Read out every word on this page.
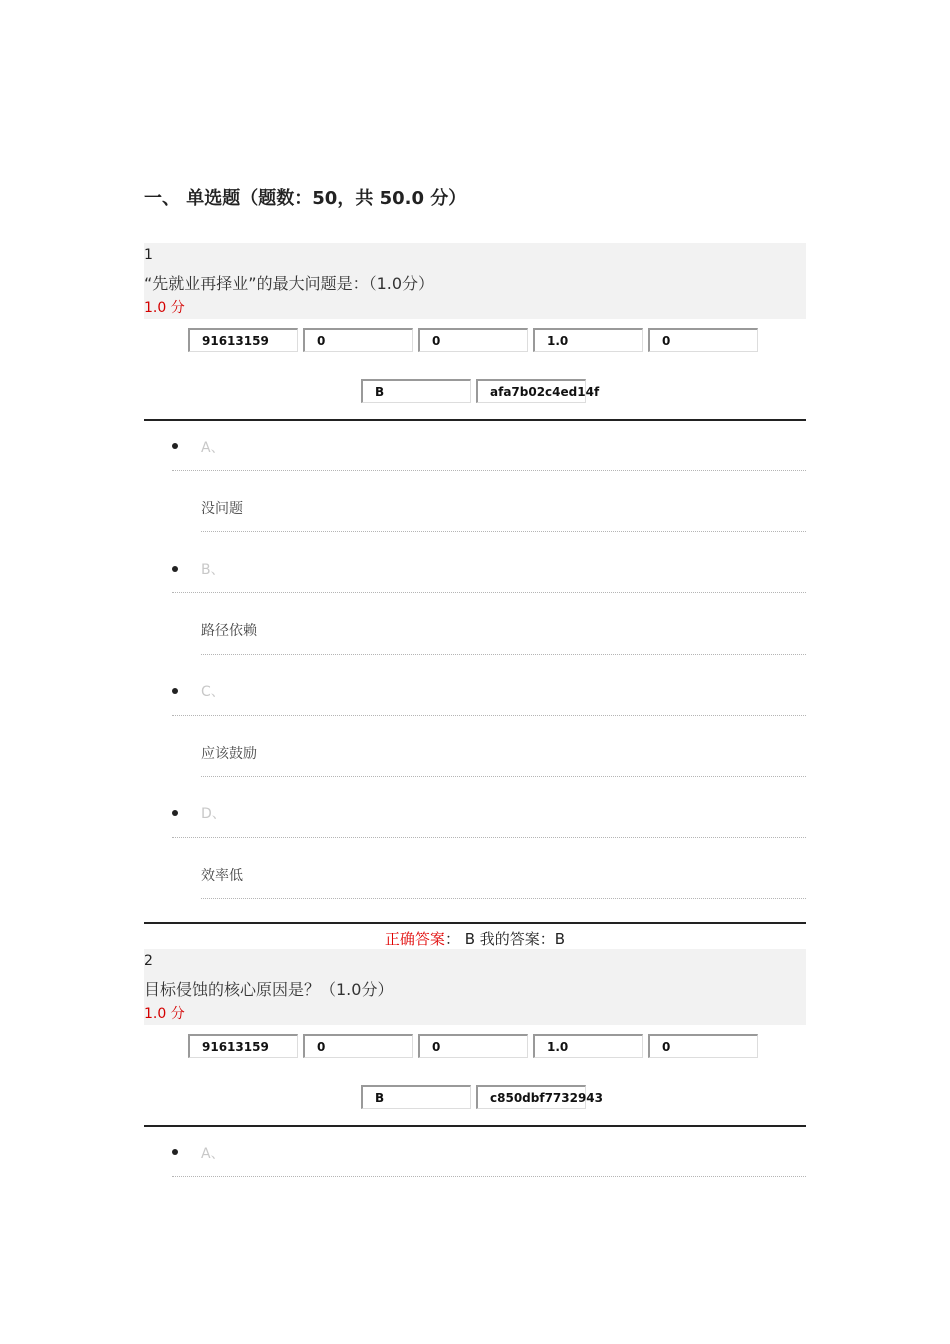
一、 单选题（题数：50，共 50.0 分）
1
“先就业再择业”的最大问题是：（1.0分）
1.0 分
91613159	0	0	1.0	0
B	afa7b02c4ed14f
A、
没问题
B、
路径依赖
C、
应该鼓励
D、
效率低
正确答案： B 我的答案：B
2
目标侵蚀的核心原因是？（1.0分）
1.0 分
91613159	0	0	1.0	0
B	c850dbf7732943
A、
